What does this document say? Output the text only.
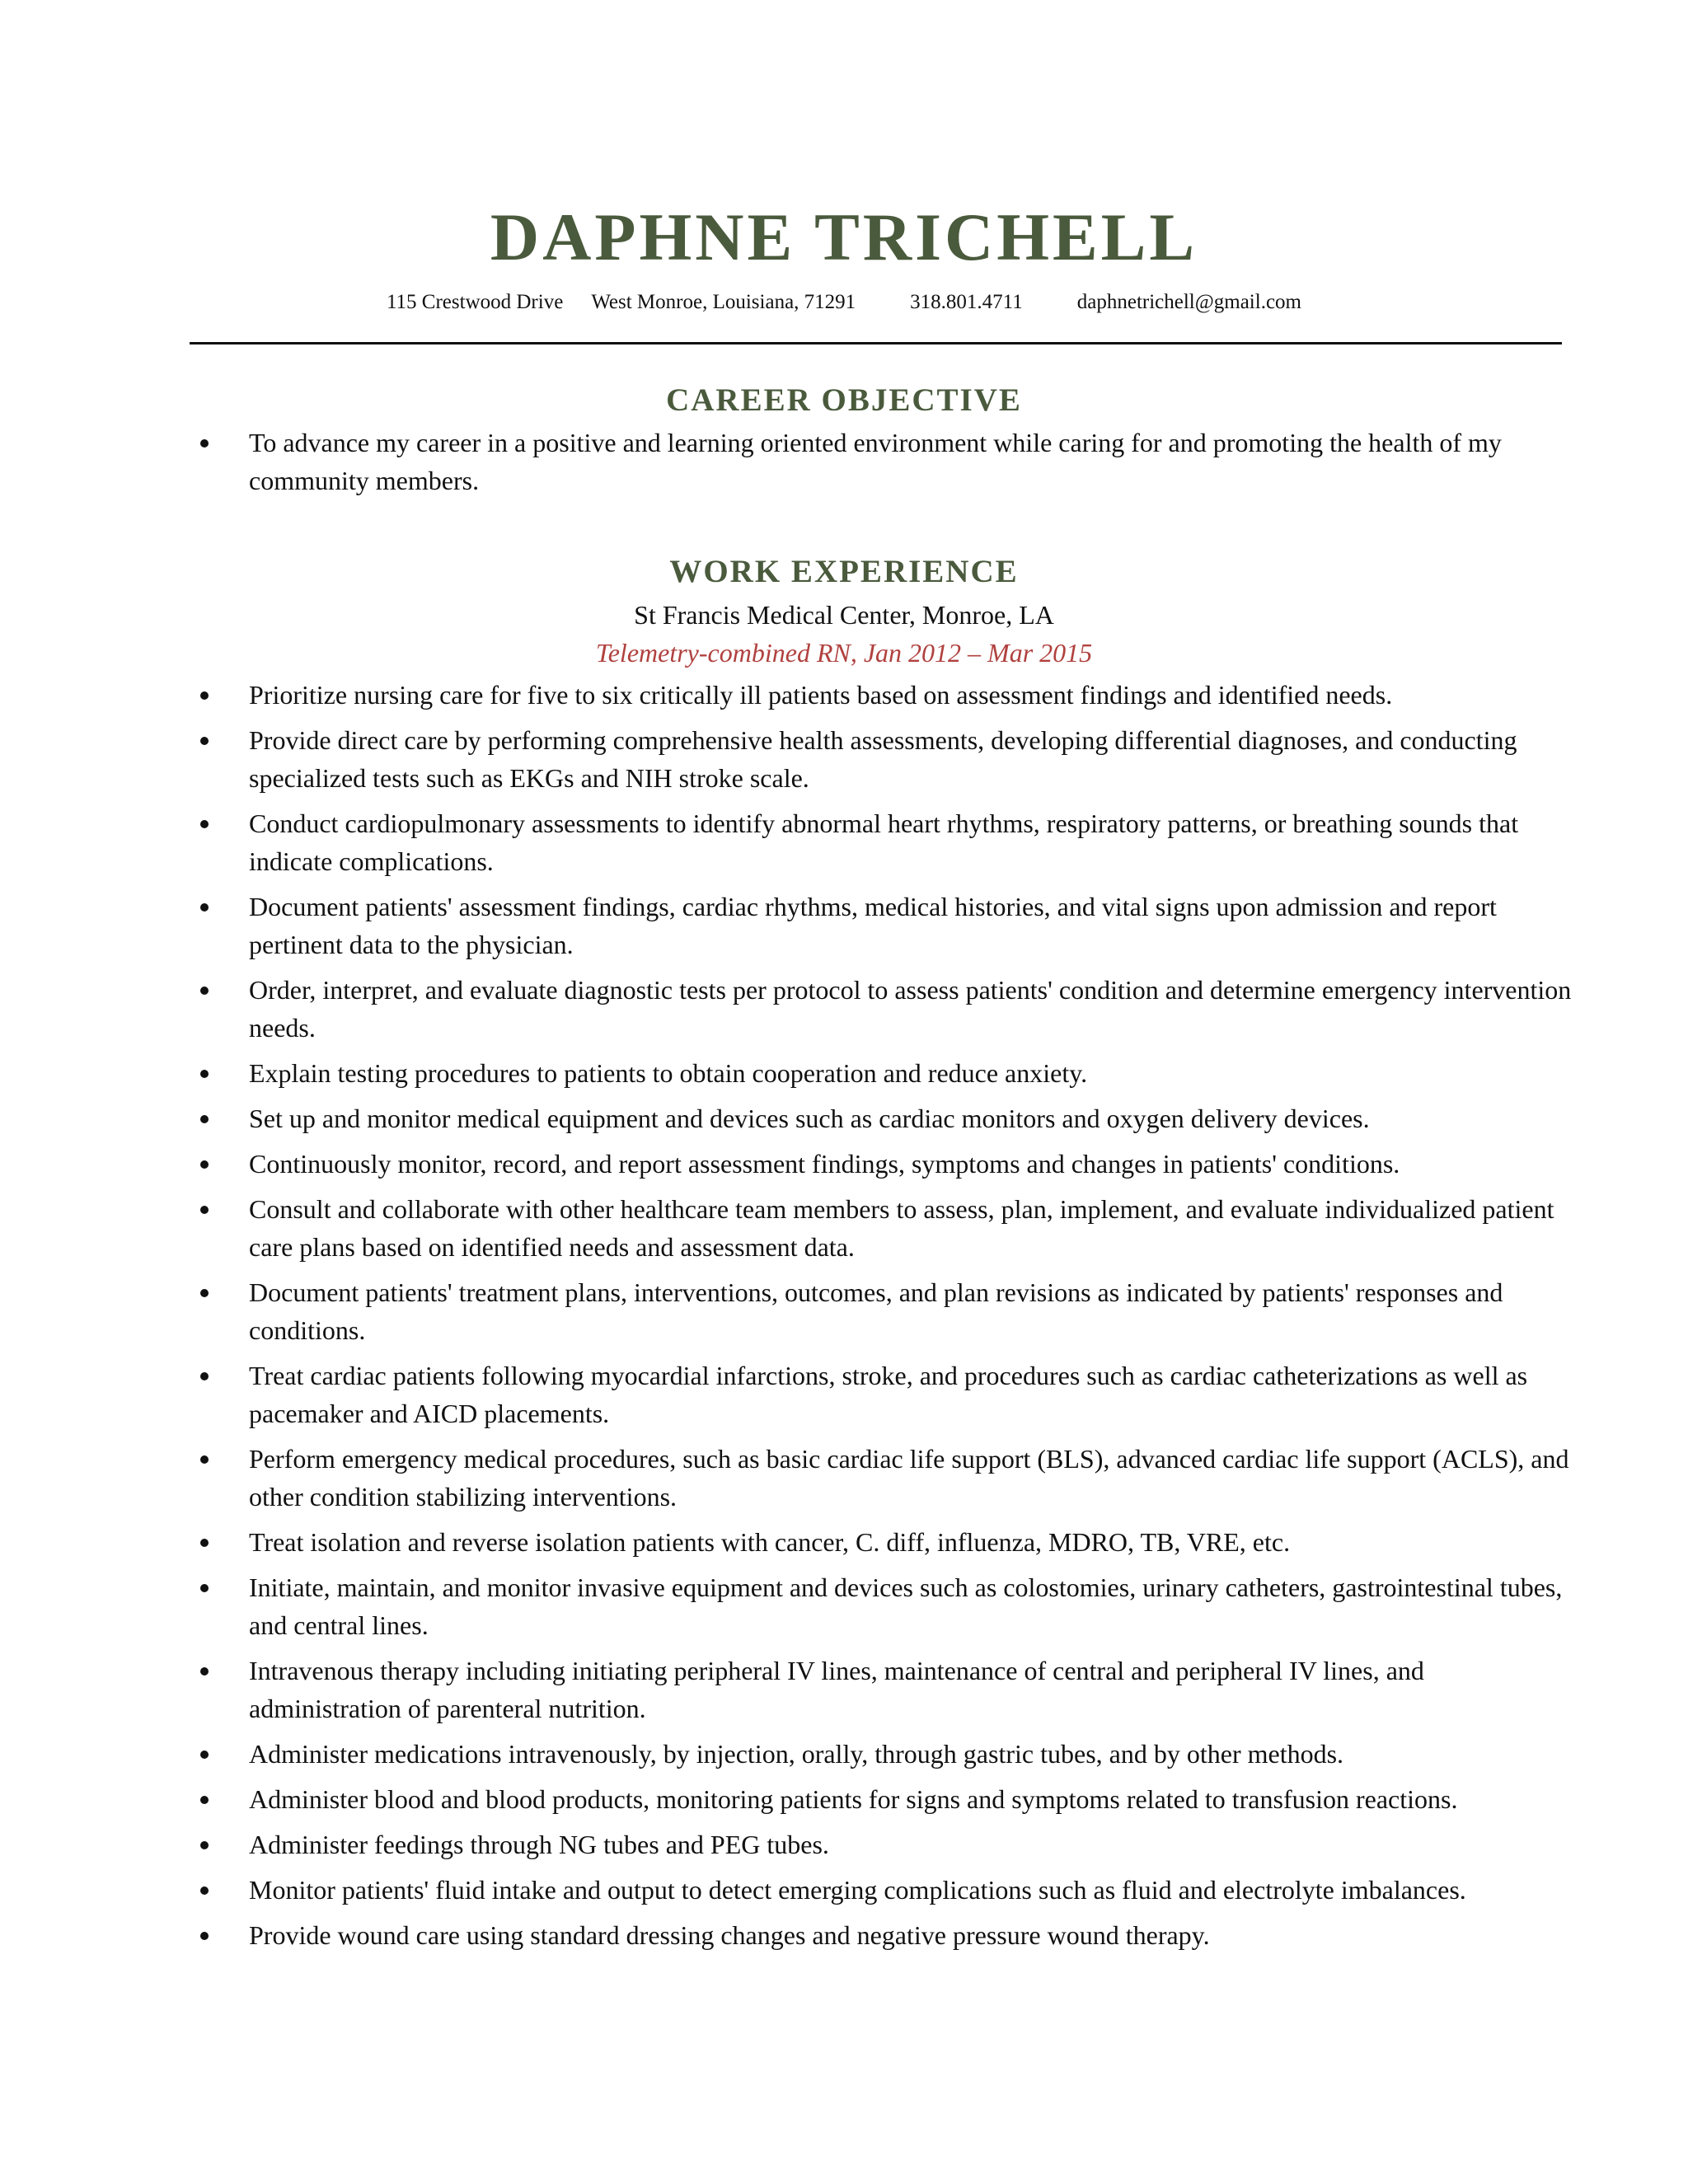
DAPHNE TRICHELL
115 Crestwood Drive West Monroe, Louisiana, 71291	318.801.4711	daphnetrichell@gmail.com
CAREER OBJECTIVE
To advance my career in a positive and learning oriented environment while caring for and promoting the health of my community members.
WORK EXPERIENCE
St Francis Medical Center, Monroe, LA
Telemetry-combined RN, Jan 2012 – Mar 2015
Prioritize nursing care for five to six critically ill patients based on assessment findings and identified needs.
Provide direct care by performing comprehensive health assessments, developing differential diagnoses, and conducting specialized tests such as EKGs and NIH stroke scale.
Conduct cardiopulmonary assessments to identify abnormal heart rhythms, respiratory patterns, or breathing sounds that indicate complications.
Document patients' assessment findings, cardiac rhythms, medical histories, and vital signs upon admission and report pertinent data to the physician.
Order, interpret, and evaluate diagnostic tests per protocol to assess patients' condition and determine emergency intervention needs.
Explain testing procedures to patients to obtain cooperation and reduce anxiety.
Set up and monitor medical equipment and devices such as cardiac monitors and oxygen delivery devices.
Continuously monitor, record, and report assessment findings, symptoms and changes in patients' conditions.
Consult and collaborate with other healthcare team members to assess, plan, implement, and evaluate individualized patient care plans based on identified needs and assessment data.
Document patients' treatment plans, interventions, outcomes, and plan revisions as indicated by patients' responses and conditions.
Treat cardiac patients following myocardial infarctions, stroke, and procedures such as cardiac catheterizations as well as pacemaker and AICD placements.
Perform emergency medical procedures, such as basic cardiac life support (BLS), advanced cardiac life support (ACLS), and other condition stabilizing interventions.
Treat isolation and reverse isolation patients with cancer, C. diff, influenza, MDRO, TB, VRE, etc.
Initiate, maintain, and monitor invasive equipment and devices such as colostomies, urinary catheters, gastrointestinal tubes, and central lines.
Intravenous therapy including initiating peripheral IV lines, maintenance of central and peripheral IV lines, and administration of parenteral nutrition.
Administer medications intravenously, by injection, orally, through gastric tubes, and by other methods.
Administer blood and blood products, monitoring patients for signs and symptoms related to transfusion reactions.
Administer feedings through NG tubes and PEG tubes.
Monitor patients' fluid intake and output to detect emerging complications such as fluid and electrolyte imbalances.
Provide wound care using standard dressing changes and negative pressure wound therapy.
